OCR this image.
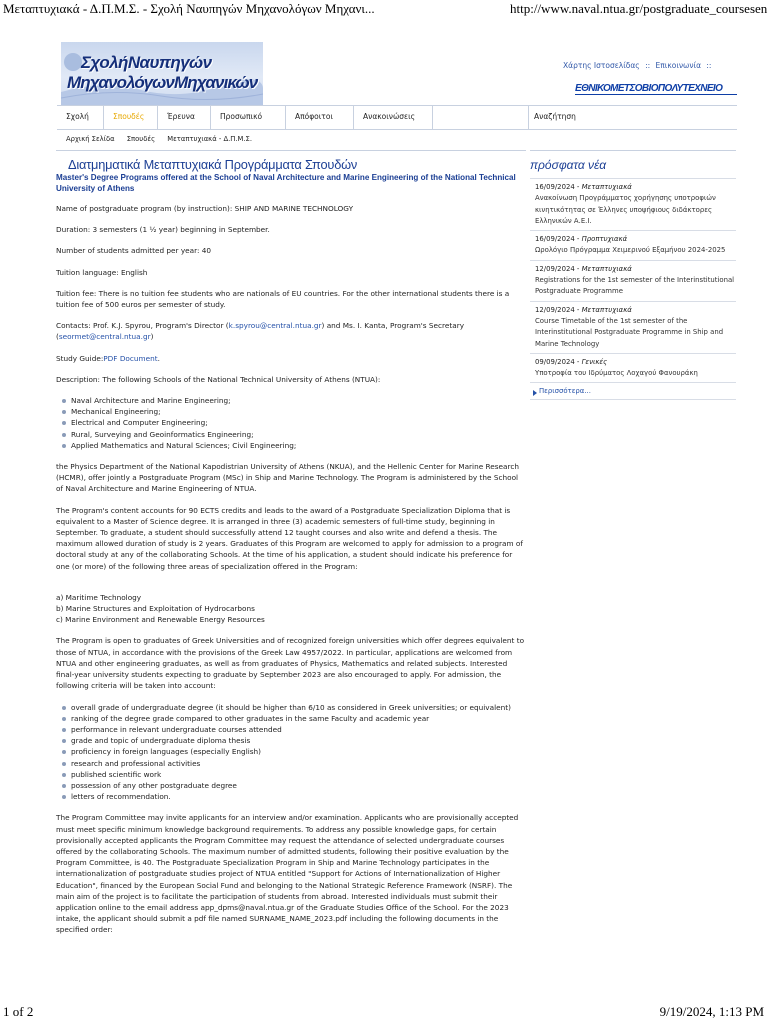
Μεταπτυχιακά - Δ.Π.Μ.Σ. - Σχολή Ναυπηγών Μηχανολόγων Μηχανι...	http://www.naval.ntua.gr/postgraduate_coursesen
ΣχολήΝαυπηγών
ΜηχανολόγωνΜηχανικών
Χάρτης Ιστοσελίδας :: Επικοινωνία ::
ΕΘΝΙΚΟΜΕΤΣΟΒΙΟΠΟΛΥΤΕΧΝΕΙΟ
Σχολή	Σπουδές	Έρευνα	Προσωπικό	Απόφοιτοι	Ανακοινώσεις	Αναζήτηση
Αρχική Σελίδα Σπουδές Μεταπτυχιακά - Δ.Π.Μ.Σ.
Διατμηματικά Μεταπτυχιακά Προγράμματα Σπουδών
Master's Degree Programs offered at the School of Naval Architecture and Marine Engineering of the National Technical University of Athens

Name of postgraduate program (by instruction): SHIP AND MARINE TECHNOLOGY

Duration: 3 semesters (1 ½ year) beginning in September.

Number of students admitted per year: 40

Tuition language: English

Tuition fee: There is no tuition fee students who are nationals of EU countries. For the other international students there is a tuition fee of 500 euros per semester of study.

Contacts: Prof. K.J. Spyrou, Program's Director (k.spyrou@central.ntua.gr) and Ms. I. Kanta, Program's Secretary (seormet@central.ntua.gr)

Study Guide:PDF Document.

Description: The following Schools of the National Technical University of Athens (NTUA):

Naval Architecture and Marine Engineering;
Mechanical Engineering;
Electrical and Computer Engineering;
Rural, Surveying and Geoinformatics Engineering;
Applied Mathematics and Natural Sciences; Civil Engineering;

the Physics Department of the National Kapodistrian University of Athens (NKUA), and the Hellenic Center for Marine Research (HCMR), offer jointly a Postgraduate Program (MSc) in Ship and Marine Technology. The Program is administered by the School of Naval Architecture and Marine Engineering of NTUA.

The Program's content accounts for 90 ECTS credits and leads to the award of a Postgraduate Specialization Diploma that is equivalent to a Master of Science degree. It is arranged in three (3) academic semesters of full-time study, beginning in September. To graduate, a student should successfully attend 12 taught courses and also write and defend a thesis. The maximum allowed duration of study is 2 years. Graduates of this Program are welcomed to apply for admission to a program of doctoral study at any of the collaborating Schools. At the time of his application, a student should indicate his preference for one (or more) of the following three areas of specialization offered in the Program:

a) Maritime Technology

b) Marine Structures and Exploitation of Hydrocarbons

c) Marine Environment and Renewable Energy Resources

The Program is open to graduates of Greek Universities and of recognized foreign universities which offer degrees equivalent to those of NTUA, in accordance with the provisions of the Greek Law 4957/2022. In particular, applications are welcomed from NTUA and other engineering graduates, as well as from graduates of Physics, Mathematics and related subjects. Interested final-year university students expecting to graduate by September 2023 are also encouraged to apply. For admission, the following criteria will be taken into account:

overall grade of undergraduate degree (it should be higher than 6/10 as considered in Greek universities; or equivalent)
ranking of the degree grade compared to other graduates in the same Faculty and academic year
performance in relevant undergraduate courses attended
grade and topic of undergraduate diploma thesis
proficiency in foreign languages (especially English)
research and professional activities
published scientific work
possession of any other postgraduate degree
letters of recommendation.

The Program Committee may invite applicants for an interview and/or examination. Applicants who are provisionally accepted must meet specific minimum knowledge background requirements. To address any possible knowledge gaps, for certain provisionally accepted applicants the Program Committee may request the attendance of selected undergraduate courses offered by the collaborating Schools. The maximum number of admitted students, following their positive evaluation by the Program Committee, is 40. The Postgraduate Specialization Program in Ship and Marine Technology participates in the internationalization of postgraduate studies project of NTUA entitled "Support for Actions of Internationalization of Higher Education", financed by the European Social Fund and belonging to the National Strategic Reference Framework (NSRF). The main aim of the project is to facilitate the participation of students from abroad. Interested individuals must submit their application online to the email address app_dpms@naval.ntua.gr of the Graduate Studies Office of the School. For the 2023 intake, the applicant should submit a pdf file named SURNAME_NAME_2023.pdf including the following documents in the specified order:

πρόσφατα νέα
16/09/2024 - Μεταπτυχιακά
Ανακοίνωση Προγράμματος χορήγησης υποτροφιών κινητικότητας σε Έλληνες υποψήφιους διδάκτορες Ελληνικών Α.Ε.Ι.
16/09/2024 - Προπτυχιακά
Ωρολόγιο Πρόγραμμα Χειμερινού Εξαμήνου 2024-2025
12/09/2024 - Μεταπτυχιακά
Registrations for the 1st semester of the Interinstitutional Postgraduate Programme
12/09/2024 - Μεταπτυχιακά
Course Timetable of the 1st semester of the Interinstitutional Postgraduate Programme in Ship and Marine Technology
09/09/2024 - Γενικές
Υποτροφία του Ιδρύματος Λοχαγού Φανουράκη
Περισσότερα...
1 of 2	9/19/2024, 1:13 PM
